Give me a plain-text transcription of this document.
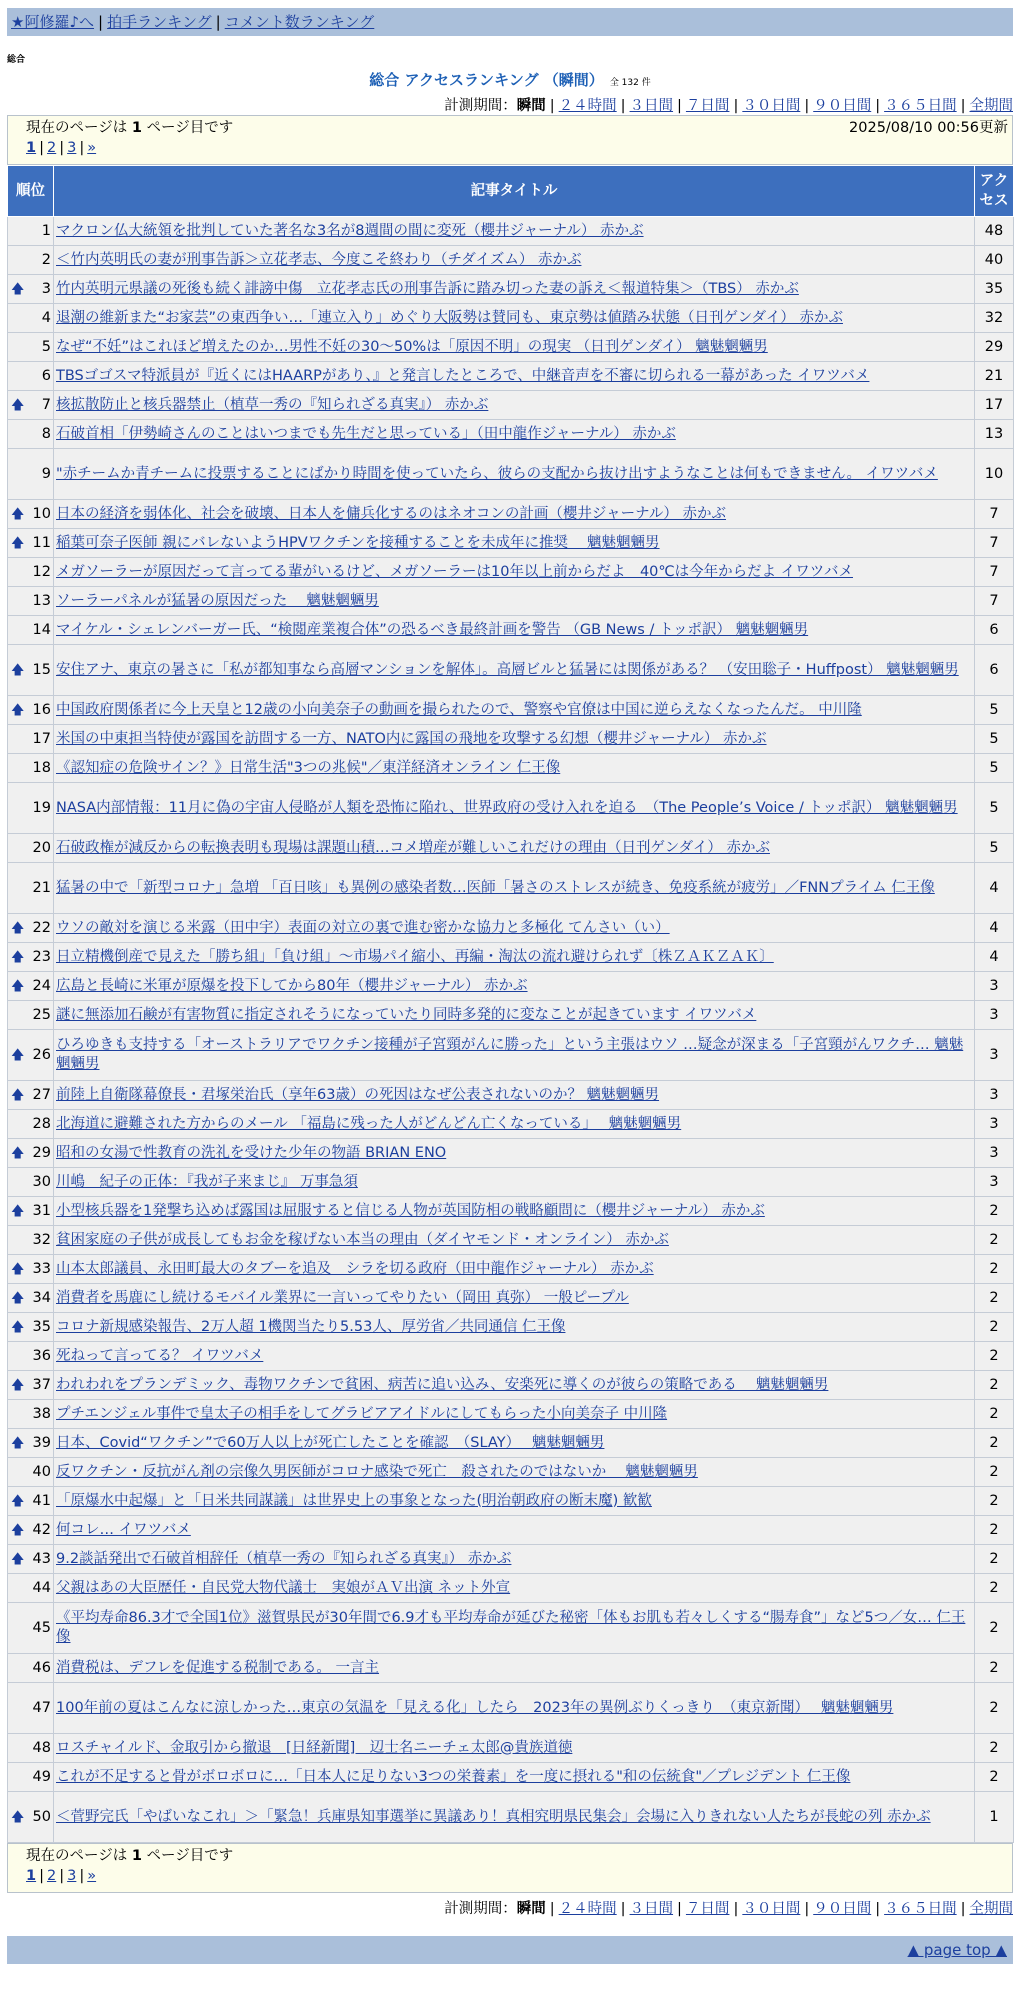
★阿修羅♪へ | 拍手ランキング | コメント数ランキング
総合
総合 アクセスランキング （瞬間） 全 132 件
計測期間：瞬間 | ２４時間 | ３日間 | ７日間 | ３０日間 | ９０日間 | ３６５日間 | 全期間
現在のページは 1 ページ目です	2025/08/10 00:56更新
1 | 2 | 3 | »
順位	記事タイトル	アクセス
1	マクロン仏大統領を批判していた著名な3名が8週間の間に変死（櫻井ジャーナル） 赤かぶ	48
2	＜竹内英明氏の妻が刑事告訴＞立花孝志、今度こそ終わり（チダイズム） 赤かぶ	40

🡅 3	竹内英明元県議の死後も続く誹謗中傷　立花孝志氏の刑事告訴に踏み切った妻の訴え＜報道特集＞（TBS） 赤かぶ	35
4	退潮の維新また“お家芸”の東西争い…「連立入り」めぐり大阪勢は賛同も、東京勢は値踏み状態（日刊ゲンダイ） 赤かぶ	32
5	なぜ“不妊”はこれほど増えたのか…男性不妊の30～50%は「原因不明」の現実 （日刊ゲンダイ） 魑魅魍魎男	29
6	TBSゴゴスマ特派員が『近くにはHAARPがあり、』と発言したところで、中継音声を不審に切られる一幕があった イワツバメ	21

🡅 7	核拡散防止と核兵器禁止（植草一秀の『知られざる真実』） 赤かぶ	17
8	石破首相「伊勢崎さんのことはいつまでも先生だと思っている」（田中龍作ジャーナル） 赤かぶ	13
9	"赤チームか青チームに投票することにばかり時間を使っていたら、彼らの支配から抜け出すようなことは何もできません。 イワツバメ	10

🡅 10	日本の経済を弱体化、社会を破壊、日本人を傭兵化するのはネオコンの計画（櫻井ジャーナル） 赤かぶ	7

🡅 11	稲葉可奈子医師 親にバレないようHPVワクチンを接種することを未成年に推奨　 魑魅魍魎男	7
12	メガソーラーが原因だって言ってる輩がいるけど、メガソーラーは10年以上前からだよ　40℃は今年からだよ イワツバメ	7
13	ソーラーパネルが猛暑の原因だった　 魑魅魍魎男	7
14	マイケル・シェレンバーガー氏、“検閲産業複合体”の恐るべき最終計画を警告 （GB News / トッポ訳） 魑魅魍魎男	6

🡅 15	安住アナ、東京の暑さに「私が都知事なら高層マンションを解体」。高層ビルと猛暑には関係がある？ （安田聡子・Huffpost） 魑魅魍魎男	6

🡅 16	中国政府関係者に今上天皇と12歳の小向美奈子の動画を撮られたので、警察や官僚は中国に逆らえなくなったんだ。 中川隆	5
17	米国の中東担当特使が露国を訪問する一方、NATO内に露国の飛地を攻撃する幻想（櫻井ジャーナル） 赤かぶ	5
18	《認知症の危険サイン？》日常生活"3つの兆候"／東洋経済オンライン 仁王像	5
19	NASA内部情報：11月に偽の宇宙人侵略が人類を恐怖に陥れ、世界政府の受け入れを迫る　（The People’s Voice / トッポ訳） 魑魅魍魎男	5
20	石破政権が減反からの転換表明も現場は課題山積…コメ増産が難しいこれだけの理由（日刊ゲンダイ） 赤かぶ	5
21	猛暑の中で「新型コロナ」急増 「百日咳」も異例の感染者数…医師「暑さのストレスが続き、免疫系統が疲労」／FNNプライム 仁王像	4

🡅 22	ウソの敵対を演じる米露（田中宇）表面の対立の裏で進む密かな協力と多極化 てんさい（い）	4

🡅 23	日立精機倒産で見えた「勝ち組」「負け組」～市場パイ縮小、再編・淘汰の流れ避けられず〔株ＺＡＫＺＡＫ〕	4

🡅 24	広島と長崎に米軍が原爆を投下してから80年（櫻井ジャーナル） 赤かぶ	3
25	謎に無添加石鹸が有害物質に指定されそうになっていたり同時多発的に変なことが起きています イワツバメ	3

🡅 26	ひろゆきも支持する「オーストラリアでワクチン接種が子宮頸がんに勝った」という主張はウソ …疑念が深まる「子宮頸がんワクチ… 魑魅魍魎男	3

🡅 27	前陸上自衛隊幕僚長・君塚栄治氏（享年63歳）の死因はなぜ公表されないのか？ 魑魅魍魎男	3
28	北海道に避難された方からのメール 「福島に残った人がどんどん亡くなっている」　 魑魅魍魎男	3

🡅 29	昭和の女湯で性教育の洗礼を受けた少年の物語 BRIAN ENO	3
30	川嶋　紀子の正体：『我が子来まじ』 万事急須	3

🡅 31	小型核兵器を1発撃ち込めば露国は屈服すると信じる人物が英国防相の戦略顧問に（櫻井ジャーナル） 赤かぶ	2
32	貧困家庭の子供が成長してもお金を稼げない本当の理由（ダイヤモンド・オンライン） 赤かぶ	2

🡅 33	山本太郎議員、永田町最大のタブーを追及　シラを切る政府（田中龍作ジャーナル） 赤かぶ	2

🡅 34	消費者を馬鹿にし続けるモバイル業界に一言いってやりたい（岡田 真弥） 一般ピープル	2

🡅 35	コロナ新規感染報告、2万人超 1機関当たり5.53人、厚労省／共同通信 仁王像	2
36	死ねって言ってる？ イワツバメ	2

🡅 37	われわれをプランデミック、毒物ワクチンで貧困、病苦に追い込み、安楽死に導くのが彼らの策略である　 魑魅魍魎男	2
38	プチエンジェル事件で皇太子の相手をしてグラビアアイドルにしてもらった小向美奈子 中川隆	2

🡅 39	日本、Covid“ワクチン”で60万人以上が死亡したことを確認　（SLAY）　 魑魅魍魎男	2
40	反ワクチン・反抗がん剤の宗像久男医師がコロナ感染で死亡　殺されたのではないか　 魑魅魍魎男	2

🡅 41	「原爆水中起爆」と「日米共同謀議」は世界史上の事象となった(明治朝政府の断末魔) 歓歓	2

🡅 42	何コレ… イワツバメ	2

🡅 43	9.2談話発出で石破首相辞任（植草一秀の『知られざる真実』） 赤かぶ	2
44	父親はあの大臣歴任・自民党大物代議士　実娘がＡＶ出演 ネット外宣	2
45	《平均寿命86.3才で全国1位》滋賀県民が30年間で6.9才も平均寿命が延びた秘密「体もお肌も若々しくする“腸寿食”」など5つ／女… 仁王像	2
46	消費税は、デフレを促進する税制である。 一言主	2
47	100年前の夏はこんなに涼しかった…東京の気温を「見える化」したら　2023年の異例ぶりくっきり　（東京新聞）　 魑魅魍魎男	2
48	ロスチャイルド、金取引から撤退　[日経新聞]　辺士名ニーチェ太郎@貴族道徳	2
49	これが不足すると骨がボロボロに…「日本人に足りない3つの栄養素」を一度に摂れる"和の伝統食"／プレジデント 仁王像	2

🡅 50	＜菅野完氏「やばいなこれ」＞「緊急！兵庫県知事選挙に異議あり！真相究明県民集会」会場に入りきれない人たちが長蛇の列 赤かぶ	1
現在のページは 1 ページ目です
1 | 2 | 3 | »
計測期間：瞬間 | ２４時間 | ３日間 | ７日間 | ３０日間 | ９０日間 | ３６５日間 | 全期間
▲ page top ▲
